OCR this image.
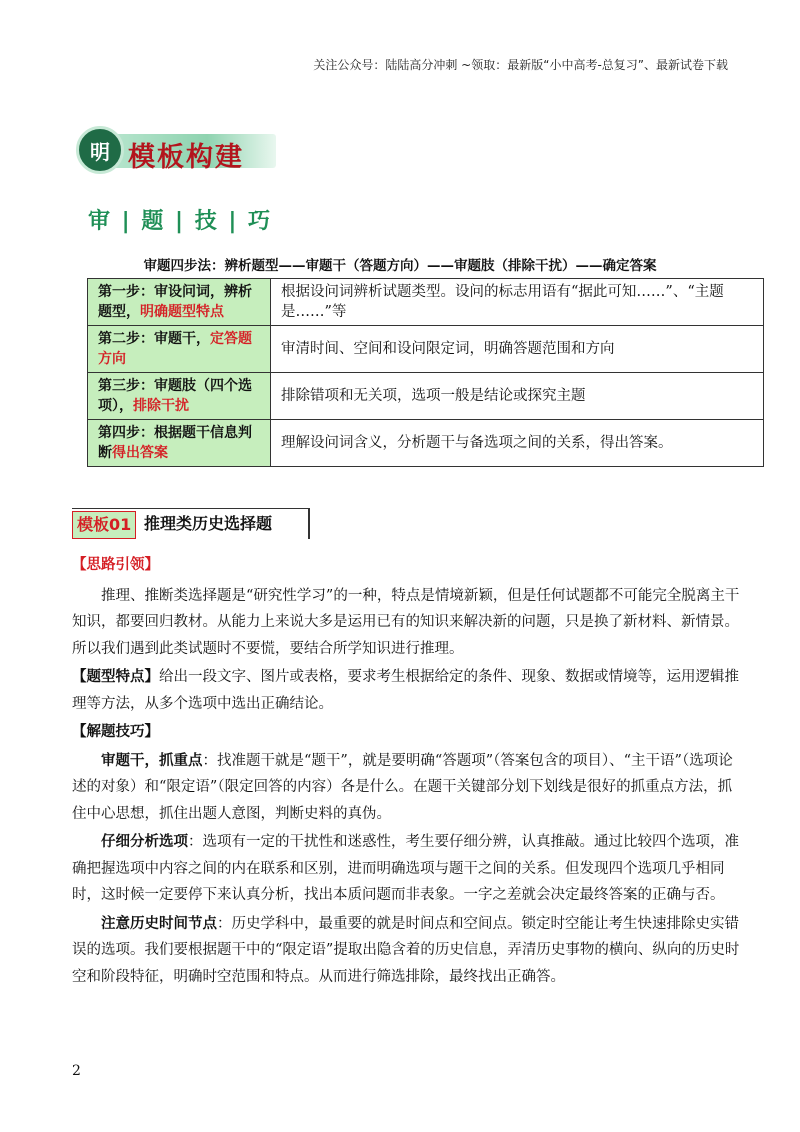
关注公众号：陆陆高分冲刺 ~领取：最新版“小中高考-总复习”、最新试卷下载
明 模板构建
审 | 题 | 技 | 巧
审题四步法：辨析题型——审题干（答题方向）——审题肢（排除干扰）——确定答案
第一步：审设问词，辨析题型，明确题型特点	根据设问词辨析试题类型。设问的标志用语有“据此可知……”、“主题是……”等
第二步：审题干，定答题方向	审清时间、空间和设问限定词，明确答题范围和方向
第三步：审题肢（四个选项），排除干扰	排除错项和无关项，选项一般是结论或探究主题
第四步：根据题干信息判断得出答案	理解设问词含义，分析题干与备选项之间的关系，得出答案。
模板01 推理类历史选择题

【思路引领】

推理、推断类选择题是“研究性学习”的一种，特点是情境新颖，但是任何试题都不可能完全脱离主干知识，都要回归教材。从能力上来说大多是运用已有的知识来解决新的问题，只是换了新材料、新情景。所以我们遇到此类试题时不要慌，要结合所学知识进行推理。

【题型特点】给出一段文字、图片或表格，要求考生根据给定的条件、现象、数据或情境等，运用逻辑推理等方法，从多个选项中选出正确结论。

【解题技巧】

审题干，抓重点：找准题干就是“题干”，就是要明确“答题项”（答案包含的项目）、“主干语”（选项论述的对象）和“限定语”（限定回答的内容）各是什么。在题干关键部分划下划线是很好的抓重点方法，抓住中心思想，抓住出题人意图，判断史料的真伪。

仔细分析选项：选项有一定的干扰性和迷惑性，考生要仔细分辨，认真推敲。通过比较四个选项，准确把握选项中内容之间的内在联系和区别，进而明确选项与题干之间的关系。但发现四个选项几乎相同时，这时候一定要停下来认真分析，找出本质问题而非表象。一字之差就会决定最终答案的正确与否。

注意历史时间节点：历史学科中，最重要的就是时间点和空间点。锁定时空能让考生快速排除史实错误的选项。我们要根据题干中的“限定语”提取出隐含着的历史信息，弄清历史事物的横向、纵向的历史时空和阶段特征，明确时空范围和特点。从而进行筛选排除，最终找出正确答。

2
